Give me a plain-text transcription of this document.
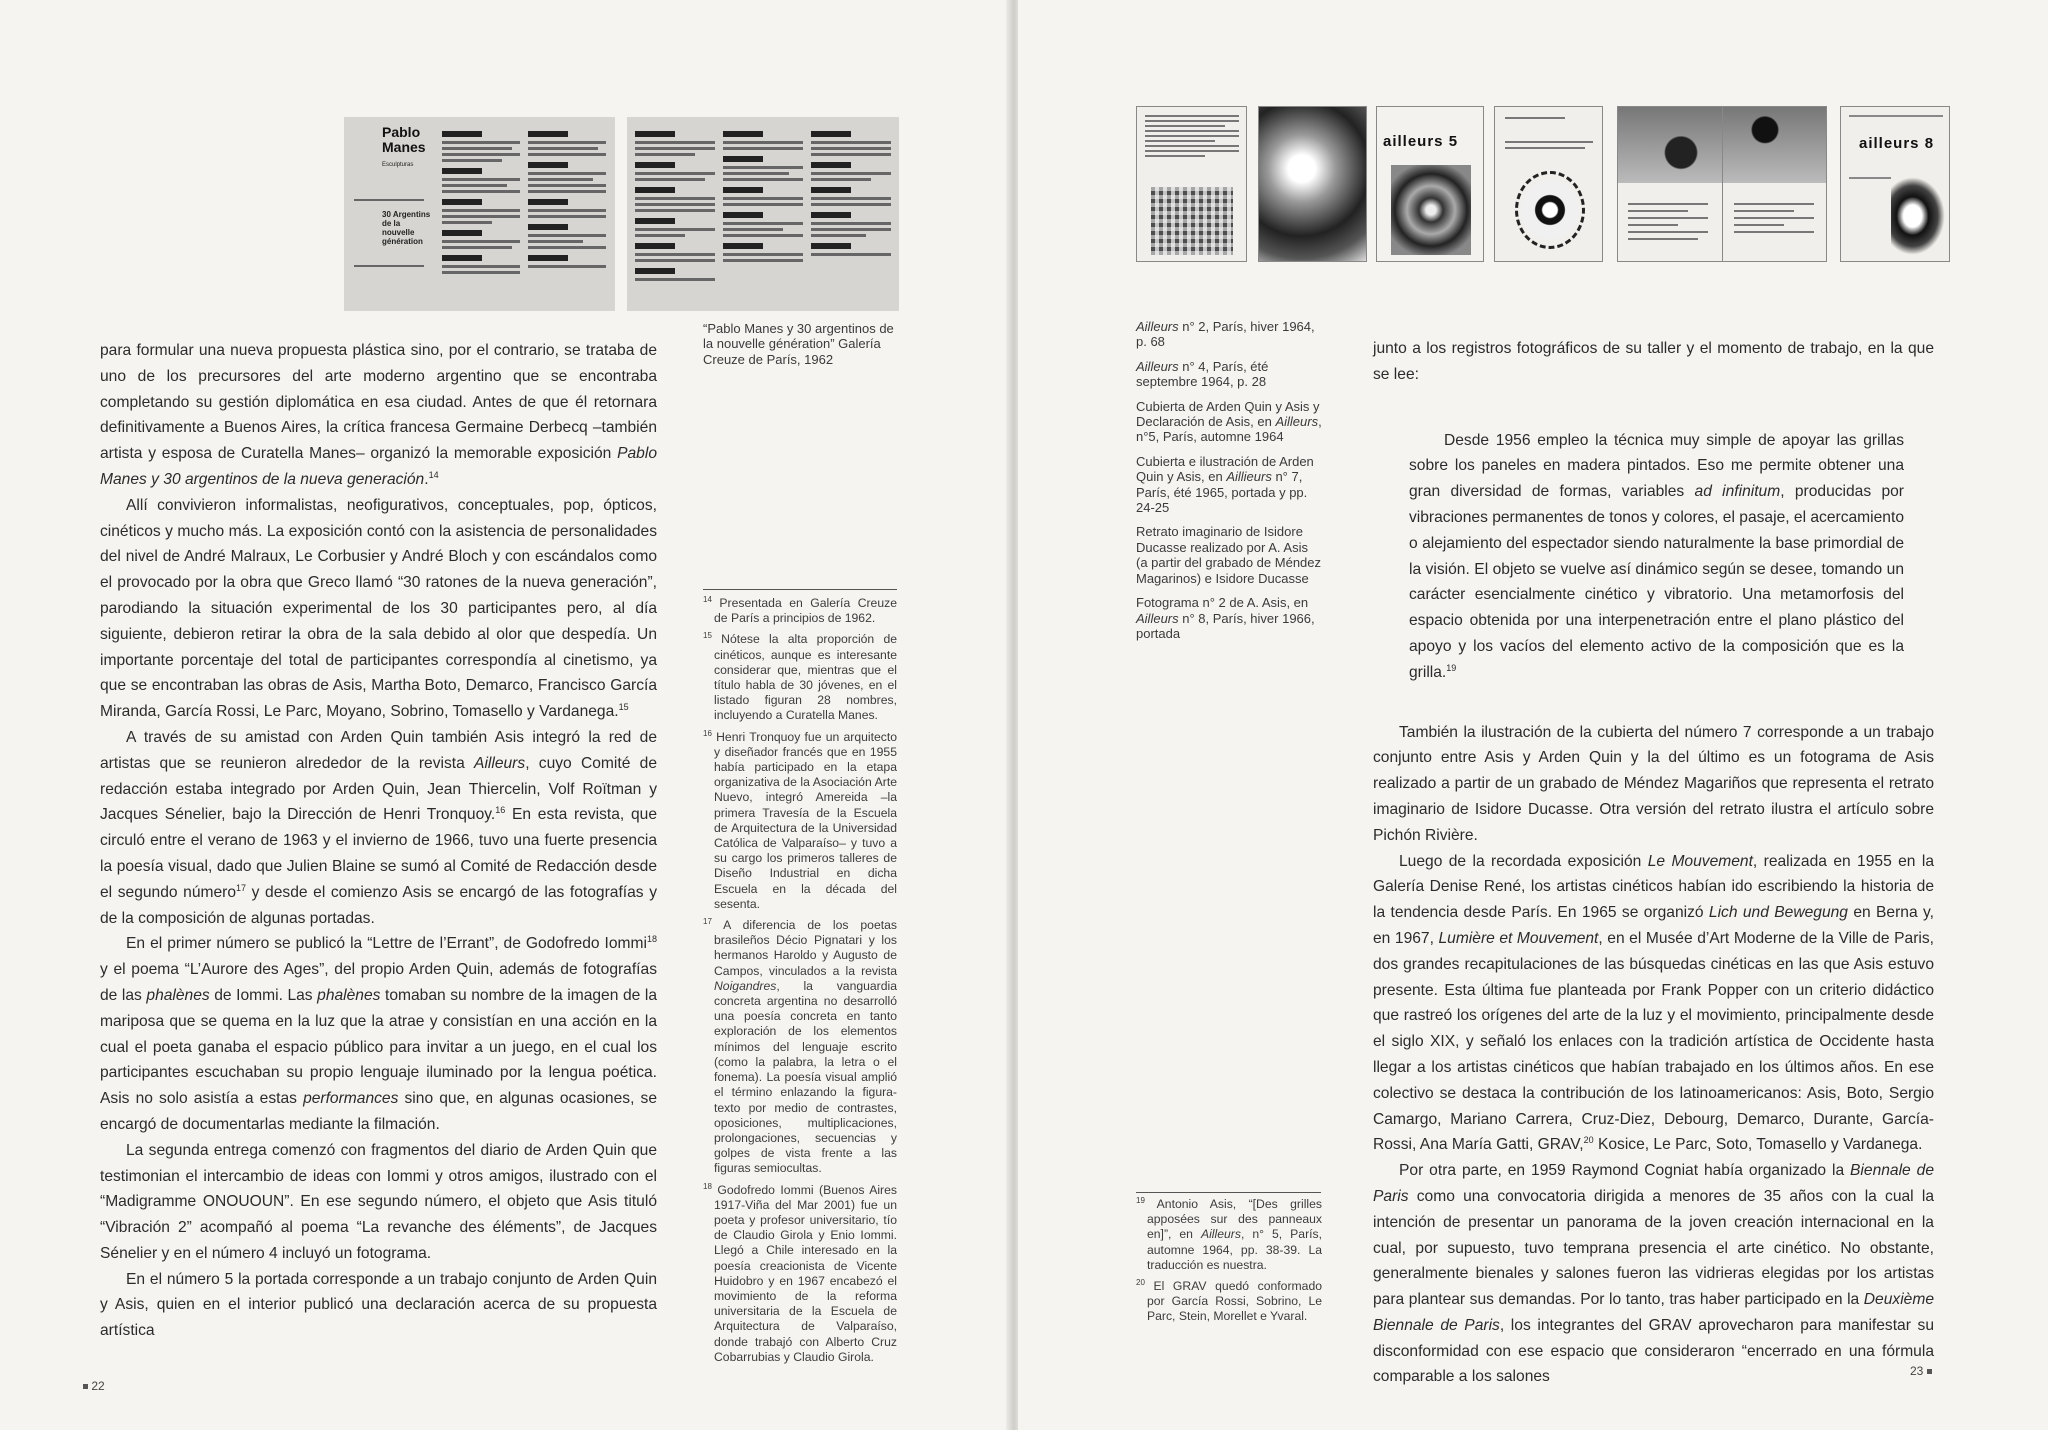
Pablo Manes
Esculpturas
30 Argentins de la nouvelle génération
“Pablo Manes y 30 argentinos de la nouvelle génération” Galería Creuze de París, 1962

para formular una nueva propuesta plástica sino, por el contrario, se trataba de uno de los precursores del arte moderno argentino que se encontraba completando su gestión diplomática en esa ciudad. Antes de que él retornara definitivamente a Buenos Aires, la crítica francesa Germaine Derbecq –también artista y esposa de Curatella Manes– organizó la memorable exposición Pablo Manes y 30 argentinos de la nueva generación.$^{14}$

Allí convivieron informalistas, neofigurativos, conceptuales, pop, ópticos, cinéticos y mucho más. La exposición contó con la asistencia de personalidades del nivel de André Malraux, Le Corbusier y André Bloch y con escándalos como el provocado por la obra que Greco llamó “30 ratones de la nueva generación”, parodiando la situación experimental de los 30 participantes pero, al día siguiente, debieron retirar la obra de la sala debido al olor que despedía. Un importante porcentaje del total de participantes correspondía al cinetismo, ya que se encontraban las obras de Asis, Martha Boto, Demarco, Francisco García Miranda, García Rossi, Le Parc, Moyano, Sobrino, Tomasello y Vardanega.$^{15}$

A través de su amistad con Arden Quin también Asis integró la red de artistas que se reunieron alrededor de la revista Ailleurs, cuyo Comité de redacción estaba integrado por Arden Quin, Jean Thiercelin, Volf Roïtman y Jacques Sénelier, bajo la Dirección de Henri Tronquoy.$^{16}$ En esta revista, que circuló entre el verano de 1963 y el invierno de 1966, tuvo una fuerte presencia la poesía visual, dado que Julien Blaine se sumó al Comité de Redacción desde el segundo número$^{17}$ y desde el comienzo Asis se encargó de las fotografías y de la composición de algunas portadas.

En el primer número se publicó la “Lettre de l’Errant”, de Godofredo Iommi$^{18}$ y el poema “L’Aurore des Ages”, del propio Arden Quin, además de fotografías de las phalènes de Iommi. Las phalènes tomaban su nombre de la imagen de la mariposa que se quema en la luz que la atrae y consistían en una acción en la cual el poeta ganaba el espacio público para invitar a un juego, en el cual los participantes escuchaban su propio lenguaje iluminado por la lengua poética. Asis no solo asistía a estas performances sino que, en algunas ocasiones, se encargó de documentarlas mediante la filmación.

La segunda entrega comenzó con fragmentos del diario de Arden Quin que testimonian el intercambio de ideas con Iommi y otros amigos, ilustrado con el “Madigramme ONOUOUN”. En ese segundo número, el objeto que Asis tituló “Vibración 2” acompañó al poema “La revanche des éléments”, de Jacques Sénelier y en el número 4 incluyó un fotograma.

En el número 5 la portada corresponde a un trabajo conjunto de Arden Quin y Asis, quien en el interior publicó una declaración acerca de su propuesta artística

$^{14}$ Presentada en Galería Creuze de París a principios de 1962.
$^{15}$ Nótese la alta proporción de cinéticos, aunque es interesante considerar que, mientras que el título habla de 30 jóvenes, en el listado figuran 28 nombres, incluyendo a Curatella Manes.
$^{16}$ Henri Tronquoy fue un arquitecto y diseñador francés que en 1955 había participado en la etapa organizativa de la Asociación Arte Nuevo, integró Amereida –la primera Travesía de la Escuela de Arquitectura de la Universidad Católica de Valparaíso– y tuvo a su cargo los primeros talleres de Diseño Industrial en dicha Escuela en la década del sesenta.
$^{17}$ A diferencia de los poetas brasileños Décio Pignatari y los hermanos Haroldo y Augusto de Campos, vinculados a la revista Noigandres, la vanguardia concreta argentina no desarrolló una poesía concreta en tanto exploración de los elementos mínimos del lenguaje escrito (como la palabra, la letra o el fonema). La poesía visual amplió el término enlazando la figura-texto por medio de contrastes, oposiciones, multiplicaciones, prolongaciones, secuencias y golpes de vista frente a las figuras semiocultas.
$^{18}$ Godofredo Iommi (Buenos Aires 1917-Viña del Mar 2001) fue un poeta y profesor universitario, tío de Claudio Girola y Enio Iommi. Llegó a Chile interesado en la poesía creacionista de Vicente Huidobro y en 1967 encabezó el movimiento de la reforma universitaria de la Escuela de Arquitectura de Valparaíso, donde trabajó con Alberto Cruz Cobarrubias y Claudio Girola.
22
ailleurs 5	ailleurs 8
Ailleurs n° 2, París, hiver 1964, p. 68
Ailleurs n° 4, París, été septembre 1964, p. 28
Cubierta de Arden Quin y Asis y Declaración de Asis, en Ailleurs, n°5, París, automne 1964
Cubierta e ilustración de Arden Quin y Asis, en Aillieurs n° 7, París, été 1965, portada y pp. 24-25
Retrato imaginario de Isidore Ducasse realizado por A. Asis (a partir del grabado de Méndez Magarinos) e Isidore Ducasse
Fotograma n° 2 de A. Asis, en Ailleurs n° 8, París, hiver 1966, portada

junto a los registros fotográficos de su taller y el momento de trabajo, en la que se lee:

Desde 1956 empleo la técnica muy simple de apoyar las grillas sobre los paneles en madera pintados. Eso me permite obtener una gran diversidad de formas, variables ad infinitum, producidas por vibraciones permanentes de tonos y colores, el pasaje, el acercamiento o alejamiento del espectador siendo naturalmente la base primordial de la visión. El objeto se vuelve así dinámico según se desee, tomando un carácter esencialmente cinético y vibratorio. Una metamorfosis del espacio obtenida por una interpenetración entre el plano plástico del apoyo y los vacíos del elemento activo de la composición que es la grilla.$^{19}$

También la ilustración de la cubierta del número 7 corresponde a un trabajo conjunto entre Asis y Arden Quin y la del último es un fotograma de Asis realizado a partir de un grabado de Méndez Magariños que representa el retrato imaginario de Isidore Ducasse. Otra versión del retrato ilustra el artículo sobre Pichón Rivière.

Luego de la recordada exposición Le Mouvement, realizada en 1955 en la Galería Denise René, los artistas cinéticos habían ido escribiendo la historia de la tendencia desde París. En 1965 se organizó Lich und Bewegung en Berna y, en 1967, Lumière et Mouvement, en el Musée d’Art Moderne de la Ville de Paris, dos grandes recapitulaciones de las búsquedas cinéticas en las que Asis estuvo presente. Esta última fue planteada por Frank Popper con un criterio didáctico que rastreó los orígenes del arte de la luz y el movimiento, principalmente desde el siglo XIX, y señaló los enlaces con la tradición artística de Occidente hasta llegar a los artistas cinéticos que habían trabajado en los últimos años. En ese colectivo se destaca la contribución de los latinoamericanos: Asis, Boto, Sergio Camargo, Mariano Carrera, Cruz-Diez, Debourg, Demarco, Durante, García-Rossi, Ana María Gatti, GRAV,$^{20}$ Kosice, Le Parc, Soto, Tomasello y Vardanega.

Por otra parte, en 1959 Raymond Cogniat había organizado la Biennale de Paris como una convocatoria dirigida a menores de 35 años con la cual la intención de presentar un panorama de la joven creación internacional en la cual, por supuesto, tuvo temprana presencia el arte cinético. No obstante, generalmente bienales y salones fueron las vidrieras elegidas por los artistas para plantear sus demandas. Por lo tanto, tras haber participado en la Deuxième Biennale de Paris, los integrantes del GRAV aprovecharon para manifestar su disconformidad con ese espacio que consideraron “encerrado en una fórmula comparable a los salones

$^{19}$ Antonio Asis, “[Des grilles apposées sur des panneaux en]”, en Ailleurs, n° 5, París, automne 1964, pp. 38-39. La traducción es nuestra.
$^{20}$ El GRAV quedó conformado por García Rossi, Sobrino, Le Parc, Stein, Morellet e Yvaral.
23
